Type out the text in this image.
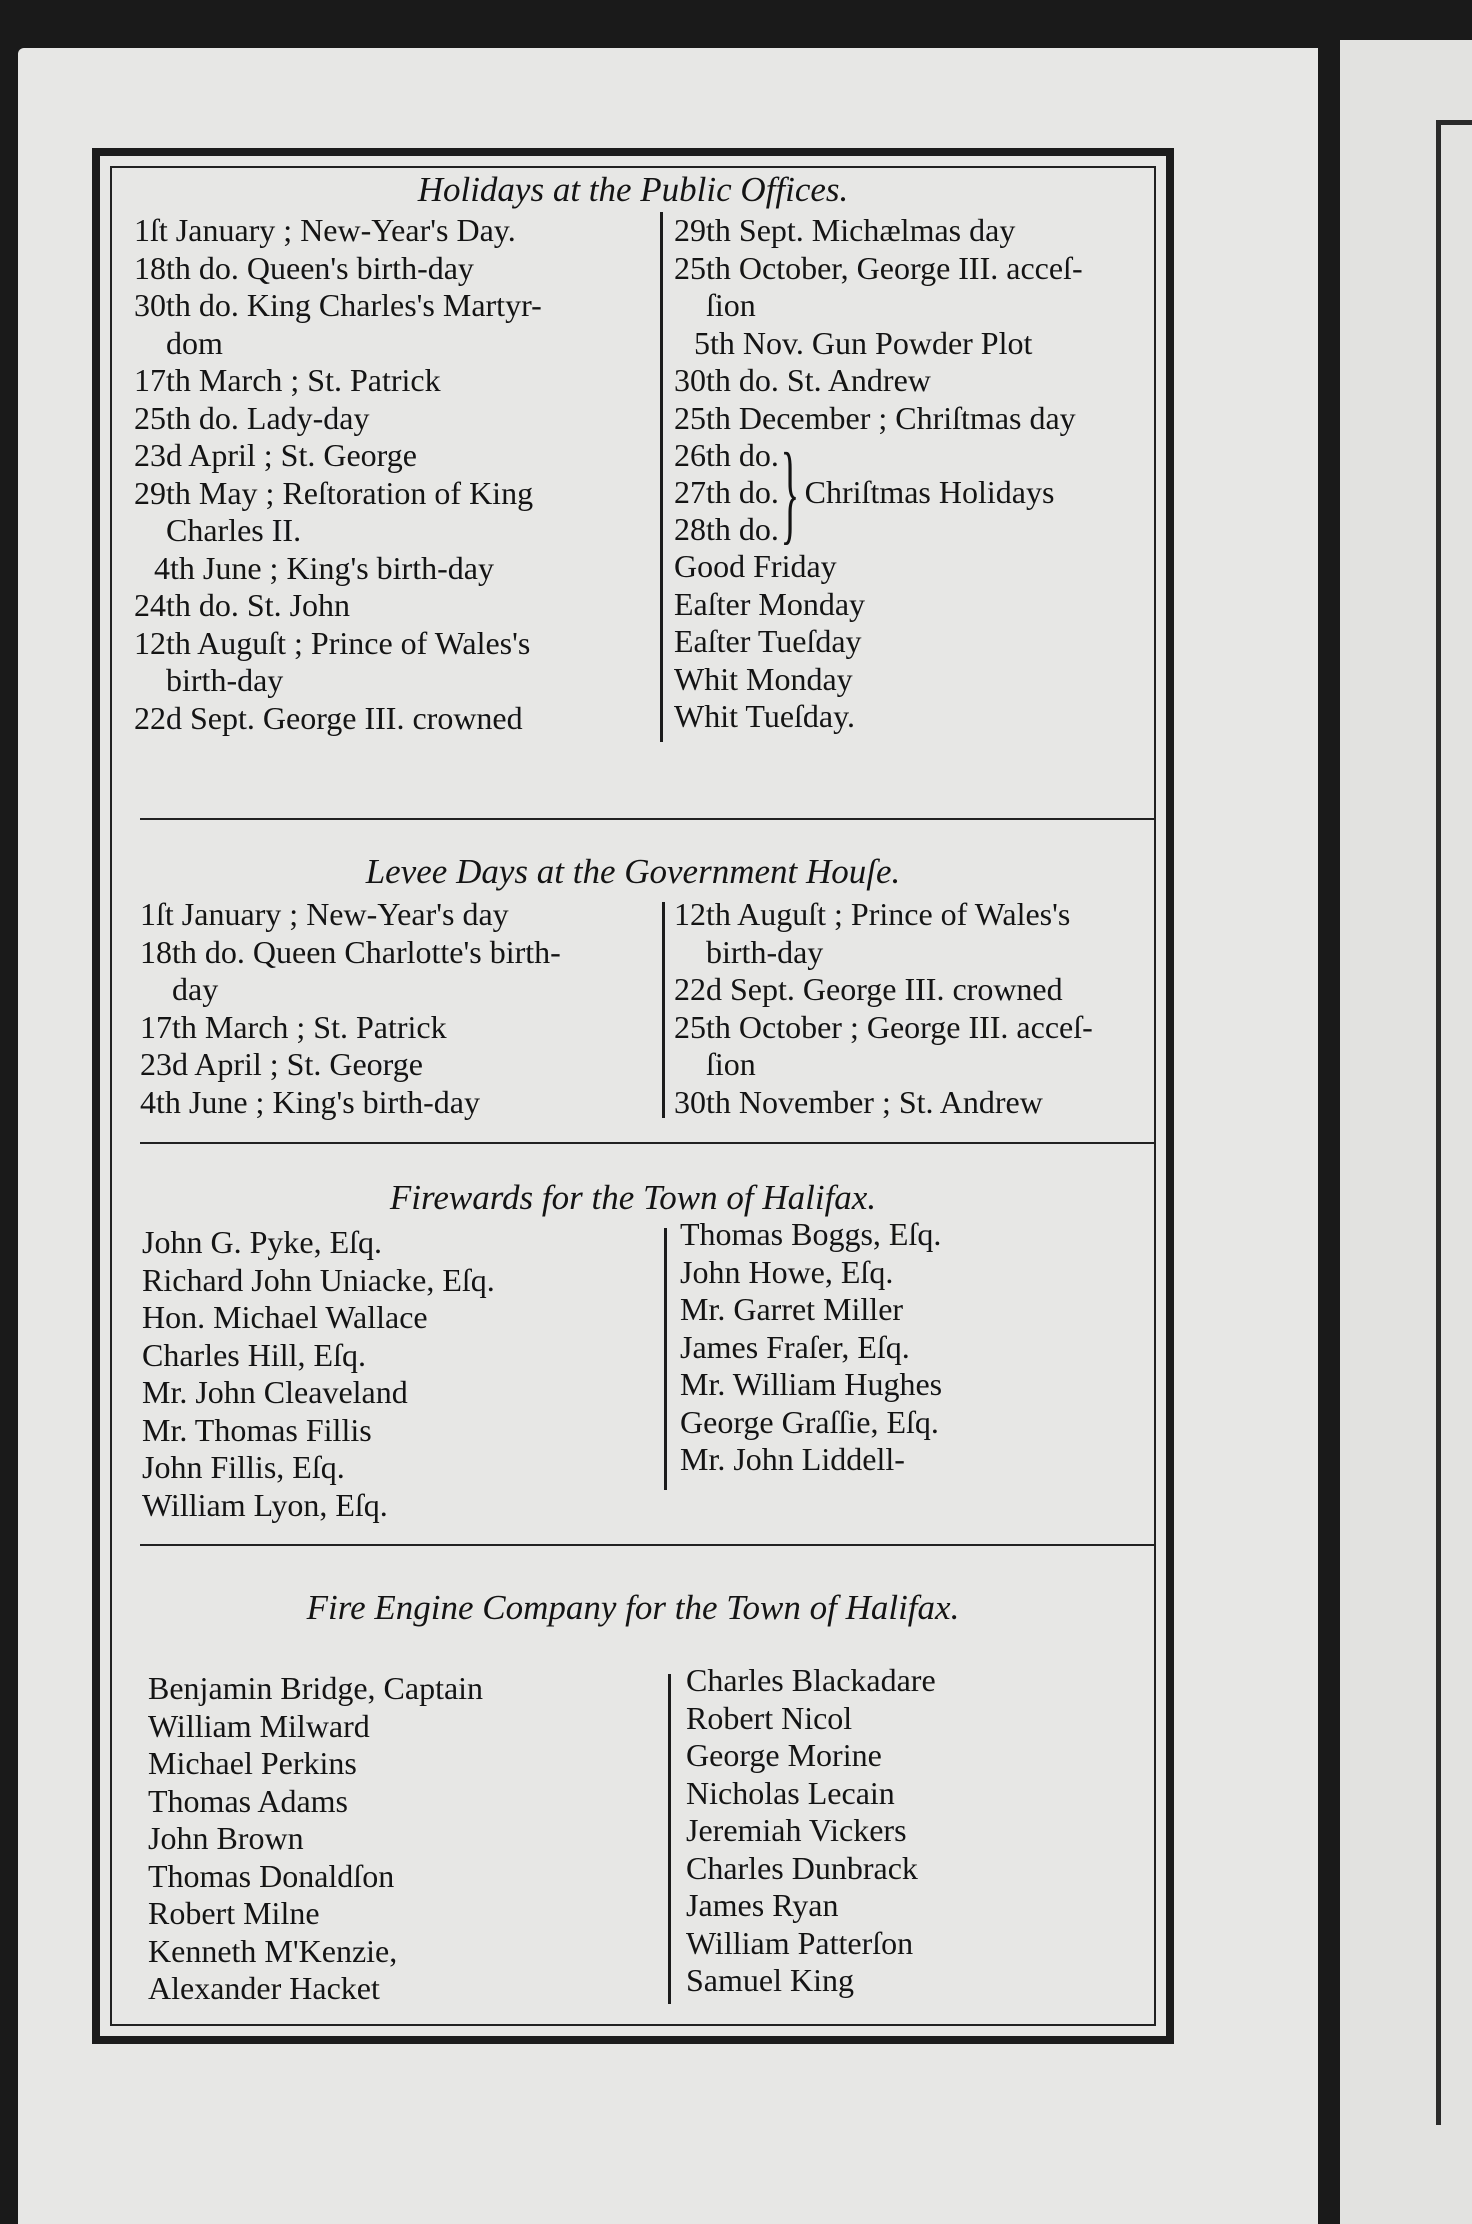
Holidays at the Public Offices.
1ſt January ; New-Year's Day.
18th do. Queen's birth-day
30th do. King Charles's Martyr-
dom
17th March ; St. Patrick
25th do. Lady-day
23d April ; St. George
29th May ; Reſtoration of King
Charles II.
4th June ; King's birth-day
24th do. St. John
12th Auguſt ; Prince of Wales's
birth-day
22d Sept. George III. crowned
29th Sept. Michælmas day
25th October, George III. acceſ-
ſion
5th Nov. Gun Powder Plot
30th do. St. Andrew
25th December ; Chriſtmas day
26th do.
27th do.
28th do. } Chriſtmas Holidays
Good Friday
Eaſter Monday
Eaſter Tueſday
Whit Monday
Whit Tueſday.
Levee Days at the Government Houſe.
1ſt January ; New-Year's day
18th do. Queen Charlotte's birth-
day
17th March ; St. Patrick
23d April ; St. George
4th June ; King's birth-day
12th Auguſt ; Prince of Wales's
birth-day
22d Sept. George III. crowned
25th October ; George III. acceſ-
ſion
30th November ; St. Andrew
Firewards for the Town of Halifax.
John G. Pyke, Eſq.
Richard John Uniacke, Eſq.
Hon. Michael Wallace
Charles Hill, Eſq.
Mr. John Cleaveland
Mr. Thomas Fillis
John Fillis, Eſq.
William Lyon, Eſq.
Thomas Boggs, Eſq.
John Howe, Eſq.
Mr. Garret Miller
James Fraſer, Eſq.
Mr. William Hughes
George Graſſie, Eſq.
Mr. John Liddell-
Fire Engine Company for the Town of Halifax.
Benjamin Bridge, Captain
William Milward
Michael Perkins
Thomas Adams
John Brown
Thomas Donaldſon
Robert Milne
Kenneth M'Kenzie,
Alexander Hacket
Charles Blackadare
Robert Nicol
George Morine
Nicholas Lecain
Jeremiah Vickers
Charles Dunbrack
James Ryan
William Patterſon
Samuel King
